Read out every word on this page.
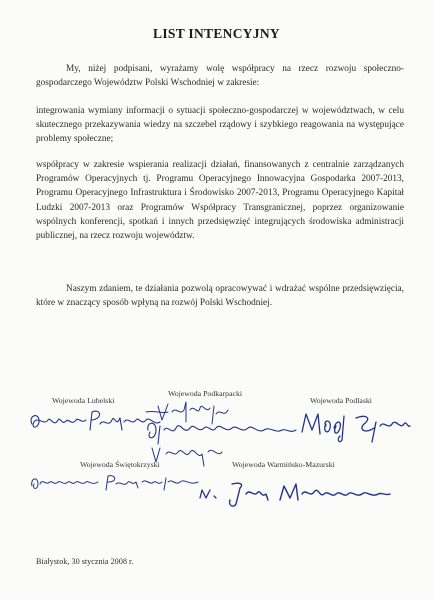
LIST INTENCYJNY

My, niżej podpisani, wyrażamy wolę współpracy na rzecz rozwoju społeczno-gospodarczego Województw Polski Wschodniej w zakresie:

integrowania wymiany informacji o sytuacji społeczno-gospodarczej w województwach, w celu skutecznego przekazywania wiedzy na szczebel rządowy i szybkiego reagowania na występujące problemy społeczne;

współpracy w zakresie wspierania realizacji działań, finansowanych z centralnie zarządzanych Programów Operacyjnych tj. Programu Operacyjnego Innowacyjna Gospodarka 2007-2013, Programu Operacyjnego Infrastruktura i Środowisko 2007-2013, Programu Operacyjnego Kapitał Ludzki 2007-2013 oraz Programów Współpracy Transgranicznej, poprzez organizowanie wspólnych konferencji, spotkań i innych przedsięwzięć integrujących środowiska administracji publicznej, na rzecz rozwoju województw.

Naszym zdaniem, te działania pozwolą opracowywać i wdrażać wspólne przedsięwzięcia, które w znaczący sposób wpłyną na rozwój Polski Wschodniej.

Wojewoda Lubelski
Wojewoda Podkarpacki
Wojewoda Podlaski
Wojewoda Świętokrzyski	Wojewoda Warmińsko-Mazurski
Białystok, 30 stycznia 2008 r.
